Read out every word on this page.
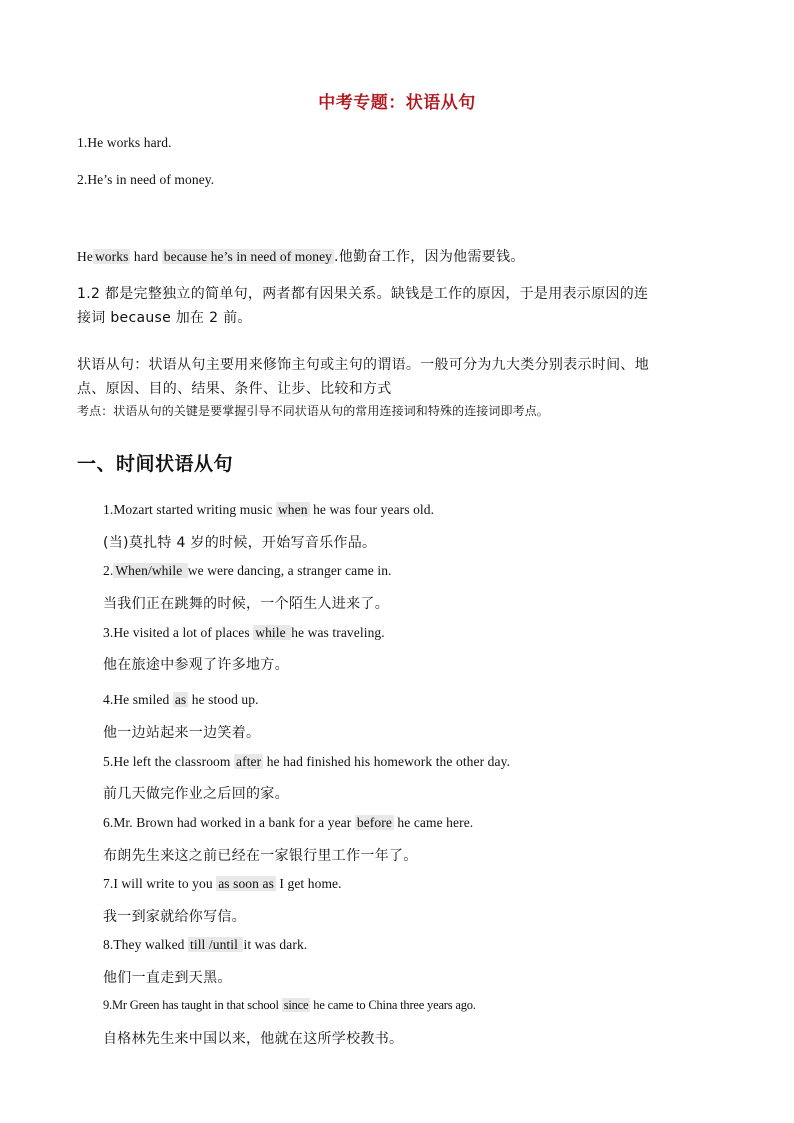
中考专题：状语从句
1.He works hard.
2.He’s in need of money.
He works hard because he’s in need of money .他勤奋工作，因为他需要钱。
1.2 都是完整独立的简单句，两者都有因果关系。缺钱是工作的原因，于是用表示原因的连
接词 because 加在 2 前。
状语从句：状语从句主要用来修饰主句或主句的谓语。一般可分为九大类分别表示时间、地
点、原因、目的、结果、条件、让步、比较和方式
考点：状语从句的关键是要掌握引导不同状语从句的常用连接词和特殊的连接词即考点。
一、时间状语从句
1.Mozart started writing music when he was four years old.
(当)莫扎特 4 岁的时候，开始写音乐作品。
2. When/while we were dancing, a stranger came in.
当我们正在跳舞的时候，一个陌生人进来了。
3.He visited a lot of places while he was traveling.
他在旅途中参观了许多地方。
4.He smiled as he stood up.
他一边站起来一边笑着。
5.He left the classroom after he had finished his homework the other day.
前几天做完作业之后回的家。
6.Mr. Brown had worked in a bank for a year before he came here.
布朗先生来这之前已经在一家银行里工作一年了。
7.I will write to you as soon as I get home.
我一到家就给你写信。
8.They walked till /until it was dark.
他们一直走到天黑。
9.Mr Green has taught in that school since he came to China three years ago.
自格林先生来中国以来，他就在这所学校教书。
